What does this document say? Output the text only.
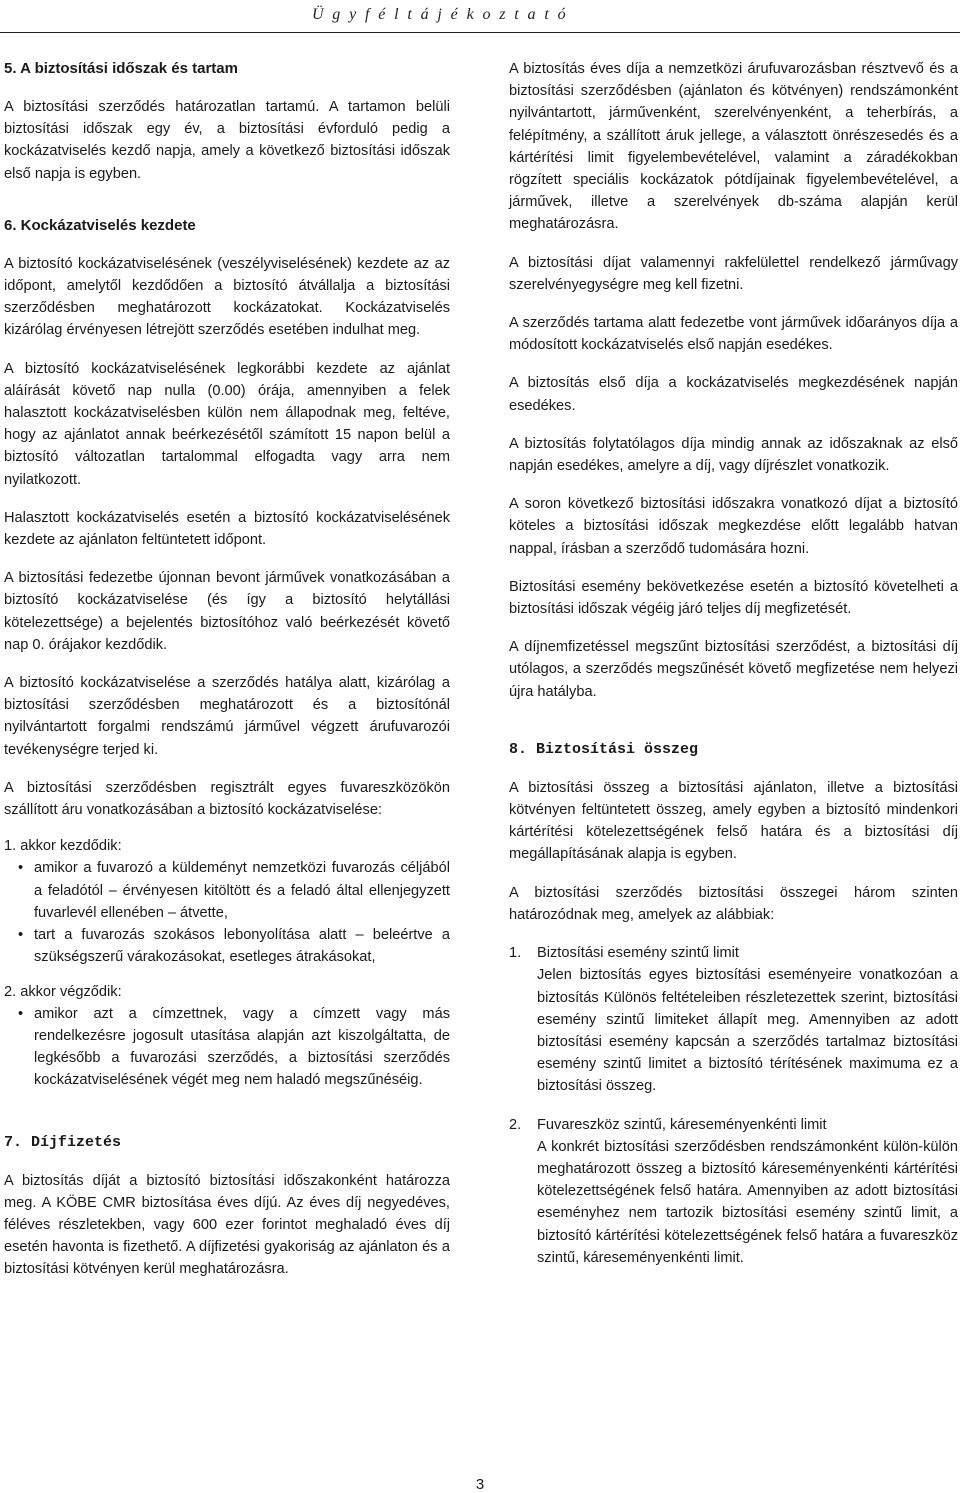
Ü g y f é l t á j é k o z t a t ó
5. A biztosítási időszak és tartam

A biztosítási szerződés határozatlan tartamú. A tartamon belüli biztosítási időszak egy év, a biztosítási évforduló pedig a kockázatviselés kezdő napja, amely a következő biztosítási időszak első napja is egyben.

6. Kockázatviselés kezdete

A biztosító kockázatviselésének (veszélyviselésének) kezdete az az időpont, amelytől kezdődően a biztosító átvállalja a biztosítási szerződésben meghatározott kockázatokat. Kockázatviselés kizárólag érvényesen létrejött szerződés esetében indulhat meg.

A biztosító kockázatviselésének legkorábbi kezdete az ajánlat aláírását követő nap nulla (0.00) órája, amennyiben a felek halasztott kockázatviselésben külön nem állapodnak meg, feltéve, hogy az ajánlatot annak beérkezésétől számított 15 napon belül a biztosító változatlan tartalommal elfogadta vagy arra nem nyilatkozott.

Halasztott kockázatviselés esetén a biztosító kockázatviselésének kezdete az ajánlaton feltüntetett időpont.

A biztosítási fedezetbe újonnan bevont járművek vonatkozásában a biztosító kockázatviselése (és így a biztosító helytállási kötelezettsége) a bejelentés biztosítóhoz való beérkezését követő nap 0. órájakor kezdődik.

A biztosító kockázatviselése a szerződés hatálya alatt, kizárólag a biztosítási szerződésben meghatározott és a biztosítónál nyilvántartott forgalmi rendszámú járművel végzett árufuvarozói tevékenységre terjed ki.

A biztosítási szerződésben regisztrált egyes fuvareszközökön szállított áru vonatkozásában a biztosító kockázatviselése:

1. akkor kezdődik:
• amikor a fuvarozó a küldeményt nemzetközi fuvarozás céljából a feladótól – érvényesen kitöltött és a feladó által ellenjegyzett fuvarlevél ellenében – átvette,
• tart a fuvarozás szokásos lebonyolítása alatt – beleértve a szükségszerű várakozásokat, esetleges átrakásokat,
2. akkor végződik:
• amikor azt a címzettnek, vagy a címzett vagy más rendelkezésre jogosult utasítása alapján azt kiszolgáltatta, de legkésőbb a fuvarozási szerződés, a biztosítási szerződés kockázatviselésének végét meg nem haladó megszűnéséig.
7. Díjfizetés

A biztosítás díját a biztosító biztosítási időszakonként határozza meg. A KÖBE CMR biztosítása éves díjú. Az éves díj negyedéves, féléves részletekben, vagy 600 ezer forintot meghaladó éves díj esetén havonta is fizethető. A díjfizetési gyakoriság az ajánlaton és a biztosítási kötvényen kerül meghatározásra.

A biztosítás éves díja a nemzetközi árufuvarozásban résztvevő és a biztosítási szerződésben (ajánlaton és kötvényen) rendszámonként nyilvántartott, járművenként, szerelvényenként, a teherbírás, a felépítmény, a szállított áruk jellege, a választott önrészesedés és a kártérítési limit figyelembevételével, valamint a záradékokban rögzített speciális kockázatok pótdíjainak figyelembevételével, a járművek, illetve a szerelvények db-száma alapján kerül meghatározásra.

A biztosítási díjat valamennyi rakfelülettel rendelkező járművagy szerelvényegységre meg kell fizetni.

A szerződés tartama alatt fedezetbe vont járművek időarányos díja a módosított kockázatviselés első napján esedékes.

A biztosítás első díja a kockázatviselés megkezdésének napján esedékes.

A biztosítás folytatólagos díja mindig annak az időszaknak az első napján esedékes, amelyre a díj, vagy díjrészlet vonatkozik.

A soron következő biztosítási időszakra vonatkozó díjat a biztosító köteles a biztosítási időszak megkezdése előtt legalább hatvan nappal, írásban a szerződő tudomására hozni.

Biztosítási esemény bekövetkezése esetén a biztosító követelheti a biztosítási időszak végéig járó teljes díj megfizetését.

A díjnemfizetéssel megszűnt biztosítási szerződést, a biztosítási díj utólagos, a szerződés megszűnését követő megfizetése nem helyezi újra hatályba.

8. Biztosítási összeg

A biztosítási összeg a biztosítási ajánlaton, illetve a biztosítási kötvényen feltüntetett összeg, amely egyben a biztosító mindenkori kártérítési kötelezettségének felső határa és a biztosítási díj megállapításának alapja is egyben.

A biztosítási szerződés biztosítási összegei három szinten határozódnak meg, amelyek az alábbiak:

1. Biztosítási esemény szintű limit
Jelen biztosítás egyes biztosítási eseményeire vonatkozóan a biztosítás Különös feltételeiben részletezettek szerint, biztosítási esemény szintű limiteket állapít meg. Amennyiben az adott biztosítási esemény kapcsán a szerződés tartalmaz biztosítási esemény szintű limitet a biztosító térítésének maximuma ez a biztosítási összeg.
2. Fuvareszköz szintű, káreseményenkénti limit
A konkrét biztosítási szerződésben rendszámonként külön-külön meghatározott összeg a biztosító káreseményenkénti kártérítési kötelezettségének felső határa. Amennyiben az adott biztosítási eseményhez nem tartozik biztosítási esemény szintű limit, a biztosító kártérítési kötelezettségének felső határa a fuvareszköz szintű, káreseményenkénti limit.
3
